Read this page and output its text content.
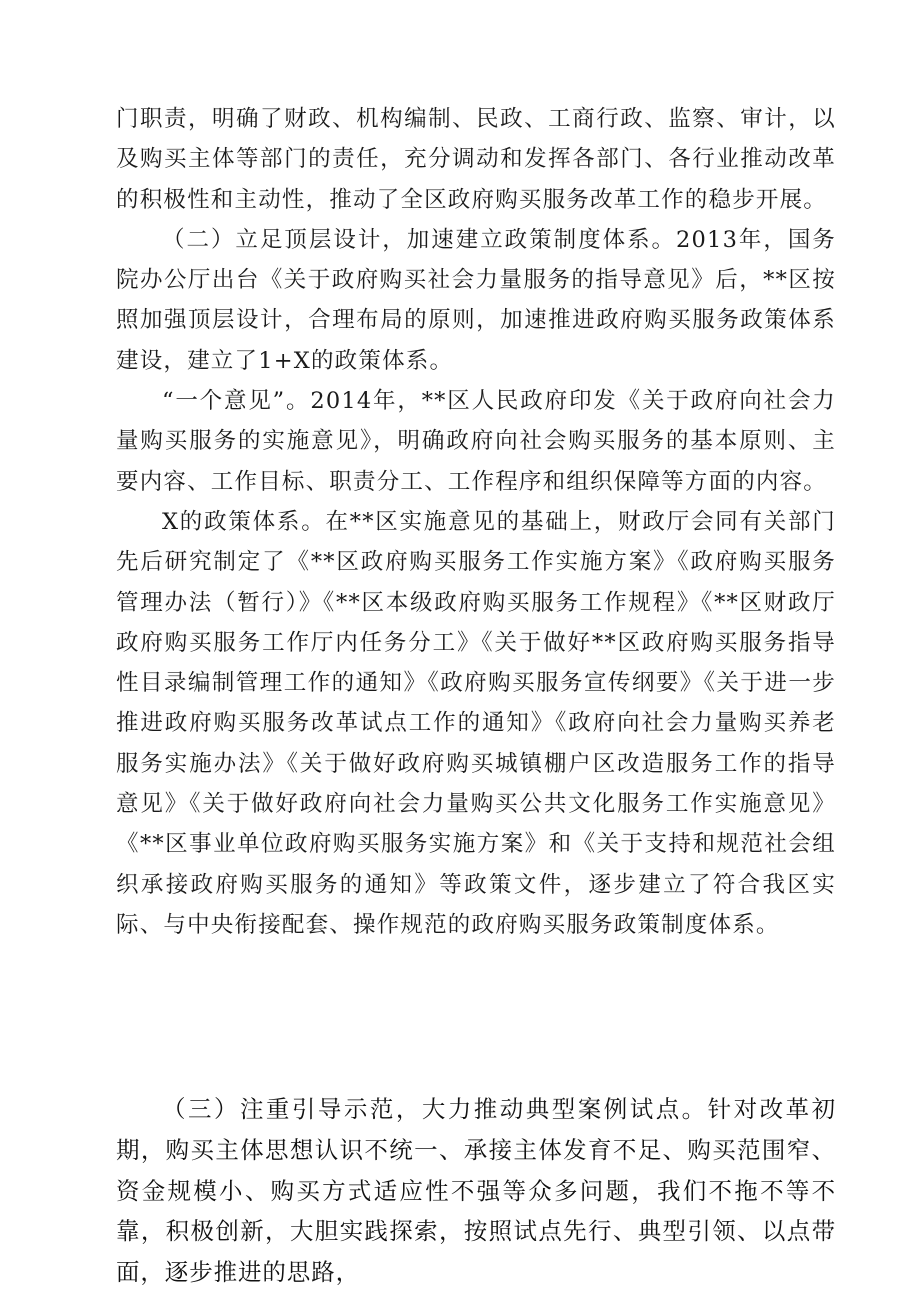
门职责，明确了财政、机构编制、民政、工商行政、监察、审计，以及购买主体等部门的责任，充分调动和发挥各部门、各行业推动改革的积极性和主动性，推动了全区政府购买服务改革工作的稳步开展。

（二）立足顶层设计，加速建立政策制度体系。2013年，国务院办公厅出台《关于政府购买社会力量服务的指导意见》后，**区按照加强顶层设计，合理布局的原则，加速推进政府购买服务政策体系建设，建立了1+X的政策体系。

“一个意见”。2014年，**区人民政府印发《关于政府向社会力量购买服务的实施意见》，明确政府向社会购买服务的基本原则、主要内容、工作目标、职责分工、工作程序和组织保障等方面的内容。

X的政策体系。在**区实施意见的基础上，财政厅会同有关部门先后研究制定了《**区政府购买服务工作实施方案》《政府购买服务管理办法（暂行）》《**区本级政府购买服务工作规程》《**区财政厅政府购买服务工作厅内任务分工》《关于做好**区政府购买服务指导性目录编制管理工作的通知》《政府购买服务宣传纲要》《关于进一步推进政府购买服务改革试点工作的通知》《政府向社会力量购买养老服务实施办法》《关于做好政府购买城镇棚户区改造服务工作的指导意见》《关于做好政府向社会力量购买公共文化服务工作实施意见》《**区事业单位政府购买服务实施方案》和《关于支持和规范社会组织承接政府购买服务的通知》等政策文件，逐步建立了符合我区实际、与中央衔接配套、操作规范的政府购买服务政策制度体系。

（三）注重引导示范，大力推动典型案例试点。针对改革初期，购买主体思想认识不统一、承接主体发育不足、购买范围窄、资金规模小、购买方式适应性不强等众多问题，我们不拖不等不靠，积极创新，大胆实践探索，按照试点先行、典型引领、以点带面，逐步推进的思路，
